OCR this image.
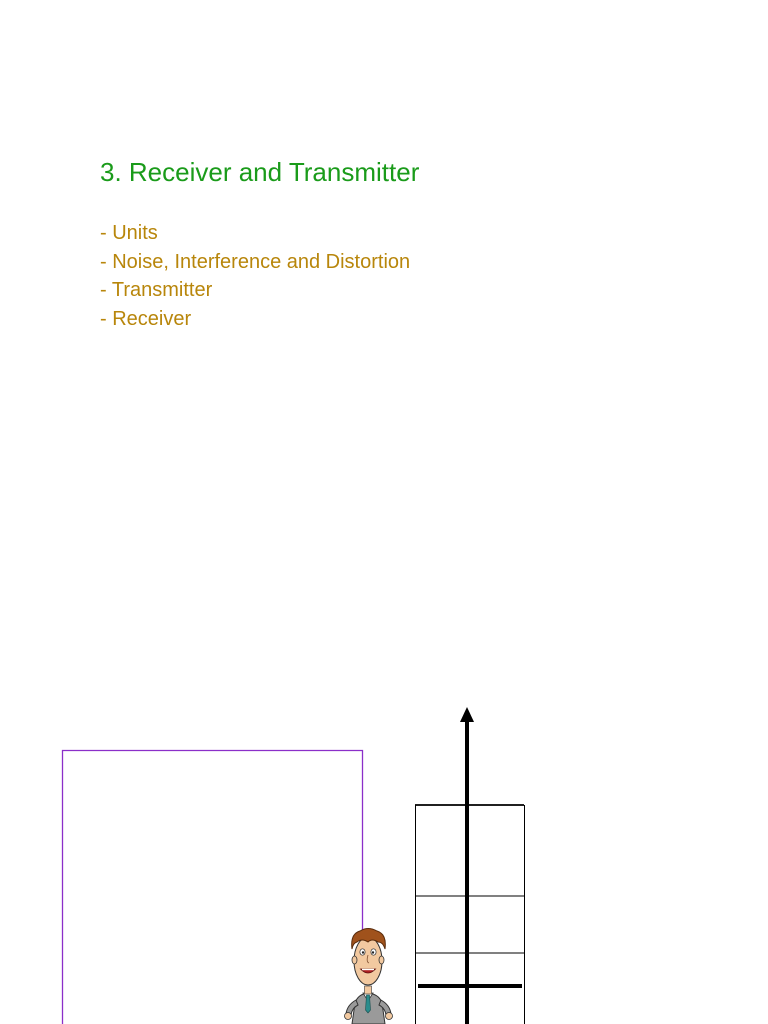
3. Receiver and Transmitter
- Units
- Noise, Interference and Distortion
- Transmitter
- Receiver
